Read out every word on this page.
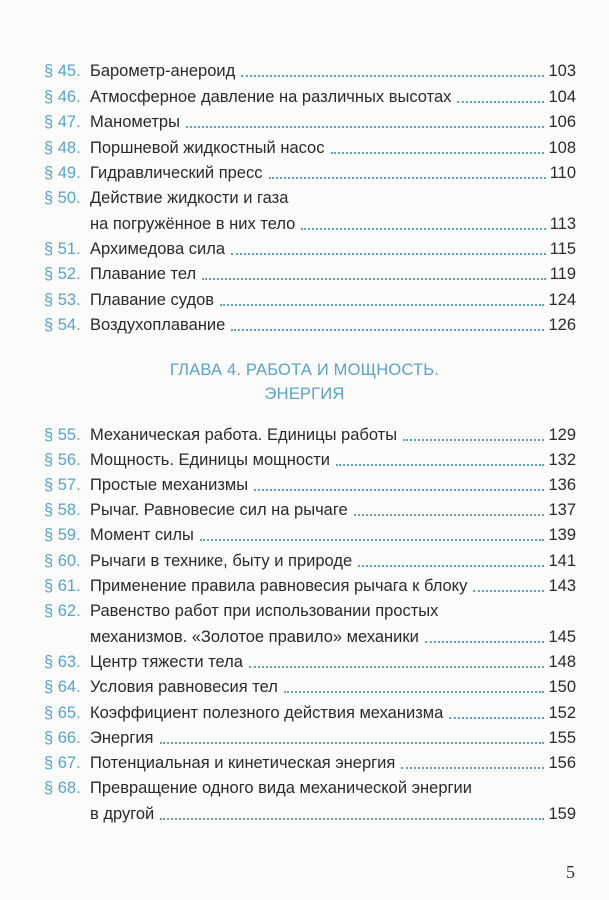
§ 45. Барометр-анероид	103
§ 46. Атмосферное давление на различных высотах	104
§ 47. Манометры	106
§ 48. Поршневой жидкостный насос	108
§ 49. Гидравлический пресс	110
§ 50. Действие жидкости и газа
на погружённое в них тело	113
§ 51. Архимедова сила	115
§ 52. Плавание тел	119
§ 53. Плавание судов	124
§ 54. Воздухоплавание	126
ГЛАВА 4. РАБОТА И МОЩНОСТЬ.
ЭНЕРГИЯ
§ 55. Механическая работа. Единицы работы	129
§ 56. Мощность. Единицы мощности	132
§ 57. Простые механизмы	136
§ 58. Рычаг. Равновесие сил на рычаге	137
§ 59. Момент силы	139
§ 60. Рычаги в технике, быту и природе	141
§ 61. Применение правила равновесия рычага к блоку	143
§ 62. Равенство работ при использовании простых
механизмов. «Золотое правило» механики	145
§ 63. Центр тяжести тела	148
§ 64. Условия равновесия тел	150
§ 65. Коэффициент полезного действия механизма	152
§ 66. Энергия	155
§ 67. Потенциальная и кинетическая энергия	156
§ 68. Превращение одного вида механической энергии
в другой	159
5
